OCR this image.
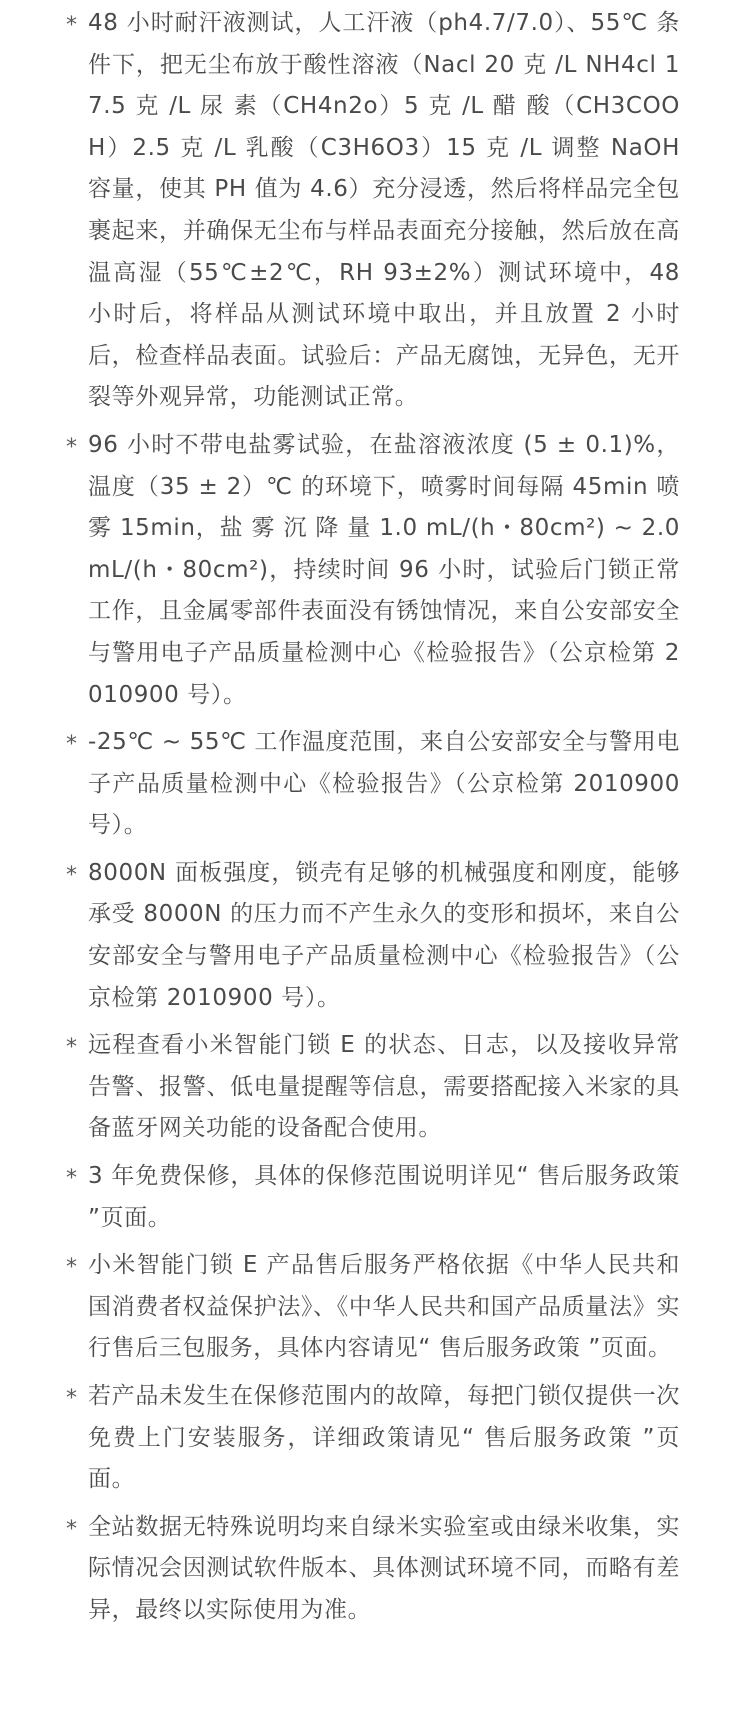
* 48 小时耐汗液测试，人工汗液（ph4.7/7.0）、55℃ 条件下，把无尘布放于酸性溶液（Nacl 20 克 /L NH4cl 17.5 克 /L 尿 素（CH4n2o）5 克 /L 醋 酸（CH3COOH）2.5 克 /L 乳酸（C3H6O3）15 克 /L 调整 NaOH 容量，使其 PH 值为 4.6）充分浸透，然后将样品完全包裹起来，并确保无尘布与样品表面充分接触，然后放在高温高湿（55℃±2℃，RH 93±2%）测试环境中，48 小时后，将样品从测试环境中取出，并且放置 2 小时后，检查样品表面。试验后：产品无腐蚀，无异色，无开裂等外观异常，功能测试正常。
* 96 小时不带电盐雾试验，在盐溶液浓度 (5 ± 0.1)%，温度（35 ± 2）℃ 的环境下，喷雾时间每隔 45min 喷 雾 15min，盐 雾 沉 降 量 1.0 mL/(h・80cm²) ~ 2.0 mL/(h・80cm²)，持续时间 96 小时，试验后门锁正常工作，且金属零部件表面没有锈蚀情况，来自公安部安全与警用电子产品质量检测中心《检验报告》（公京检第 2010900 号）。
* -25℃ ~ 55℃ 工作温度范围，来自公安部安全与警用电子产品质量检测中心《检验报告》（公京检第 2010900 号）。
* 8000N 面板强度，锁壳有足够的机械强度和刚度，能够承受 8000N 的压力而不产生永久的变形和损坏，来自公安部安全与警用电子产品质量检测中心《检验报告》（公京检第 2010900 号）。
* 远程查看小米智能门锁 E 的状态、日志，以及接收异常告警、报警、低电量提醒等信息，需要搭配接入米家的具备蓝牙网关功能的设备配合使用。
* 3 年免费保修，具体的保修范围说明详见“ 售后服务政策 ”页面。
* 小米智能门锁 E 产品售后服务严格依据《中华人民共和国消费者权益保护法》、《中华人民共和国产品质量法》实行售后三包服务，具体内容请见“ 售后服务政策 ”页面。
* 若产品未发生在保修范围内的故障，每把门锁仅提供一次免费上门安装服务，详细政策请见“ 售后服务政策 ”页面。
* 全站数据无特殊说明均来自绿米实验室或由绿米收集，实际情况会因测试软件版本、具体测试环境不同，而略有差异，最终以实际使用为准。
